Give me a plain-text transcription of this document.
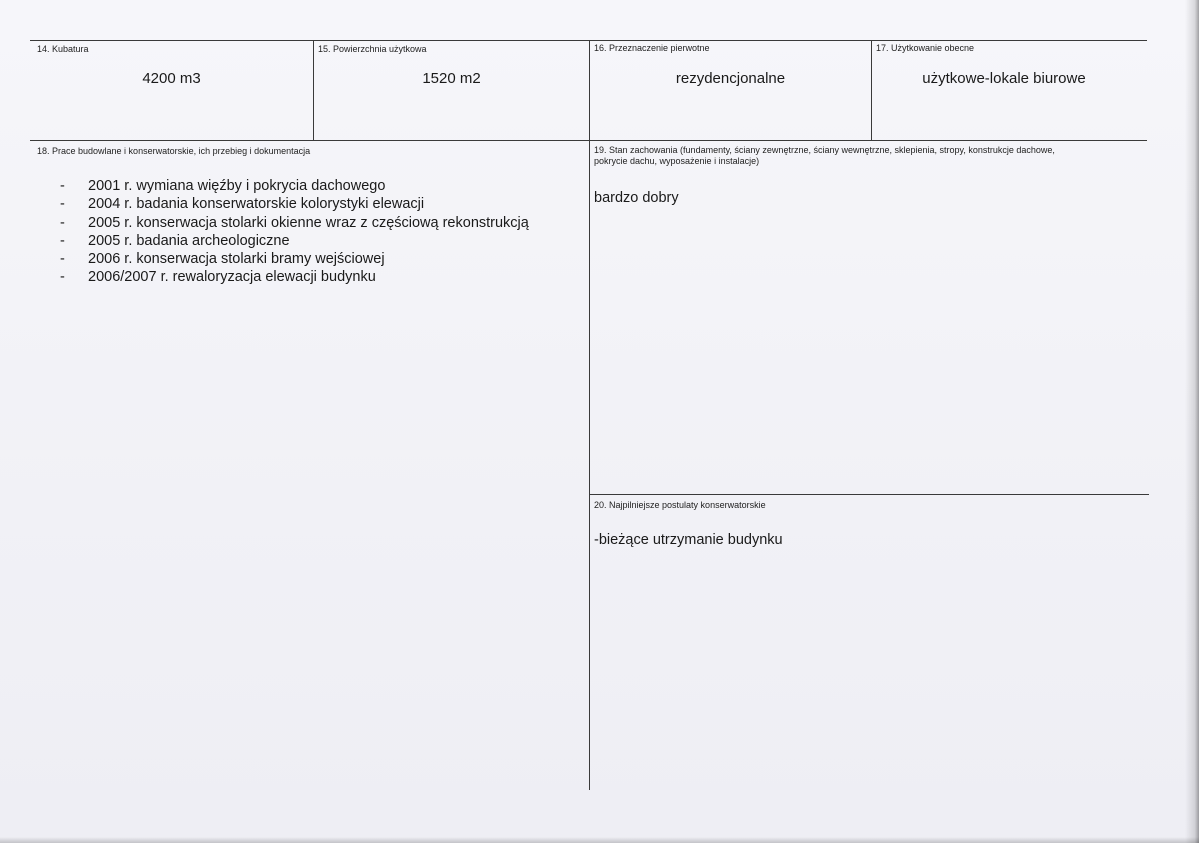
14. Kubatura
4200 m3
15. Powierzchnia użytkowa
1520 m2
16. Przeznaczenie pierwotne
rezydencjonalne
17. Użytkowanie obecne
użytkowe-lokale biurowe
18. Prace budowlane i konserwatorskie, ich przebieg i dokumentacja
- 2001 r. wymiana więźby i pokrycia dachowego
- 2004 r. badania konserwatorskie kolorystyki elewacji
- 2005 r. konserwacja stolarki okienne wraz z częściową rekonstrukcją
- 2005 r. badania archeologiczne
- 2006 r. konserwacja stolarki bramy wejściowej
- 2006/2007 r. rewaloryzacja elewacji budynku
19. Stan zachowania (fundamenty, ściany zewnętrzne, ściany wewnętrzne, sklepienia, stropy, konstrukcje dachowe, pokrycie dachu, wyposażenie i instalacje)
bardzo dobry
20. Najpilniejsze postulaty konserwatorskie
-bieżące utrzymanie budynku
